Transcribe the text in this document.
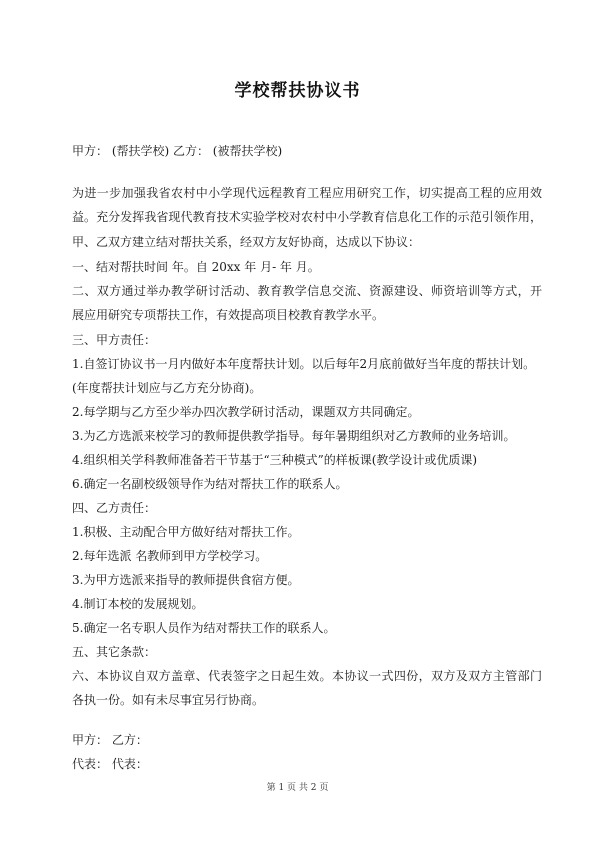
学校帮扶协议书
甲方： (帮扶学校) 乙方： (被帮扶学校)
为进一步加强我省农村中小学现代远程教育工程应用研究工作，切实提高工程的应用效
益。充分发挥我省现代教育技术实验学校对农村中小学教育信息化工作的示范引领作用，
甲、乙双方建立结对帮扶关系，经双方友好协商，达成以下协议：
一、结对帮扶时间 年。自 20xx 年 月- 年 月。
二、双方通过举办教学研讨活动、教育教学信息交流、资源建设、师资培训等方式，开
展应用研究专项帮扶工作，有效提高项目校教育教学水平。
三、甲方责任：
1.自签订协议书一月内做好本年度帮扶计划。以后每年2月底前做好当年度的帮扶计划。
(年度帮扶计划应与乙方充分协商)。
2.每学期与乙方至少举办四次教学研讨活动，课题双方共同确定。
3.为乙方选派来校学习的教师提供教学指导。每年暑期组织对乙方教师的业务培训。
4.组织相关学科教师准备若干节基于“三种模式”的样板课(教学设计或优质课)
6.确定一名副校级领导作为结对帮扶工作的联系人。
四、乙方责任：
1.积极、主动配合甲方做好结对帮扶工作。
2.每年选派 名教师到甲方学校学习。
3.为甲方选派来指导的教师提供食宿方便。
4.制订本校的发展规划。
5.确定一名专职人员作为结对帮扶工作的联系人。
五、其它条款：
六、本协议自双方盖章、代表签字之日起生效。本协议一式四份，双方及双方主管部门
各执一份。如有未尽事宜另行协商。
甲方： 乙方：
代表： 代表：
第 1 页 共 2 页
